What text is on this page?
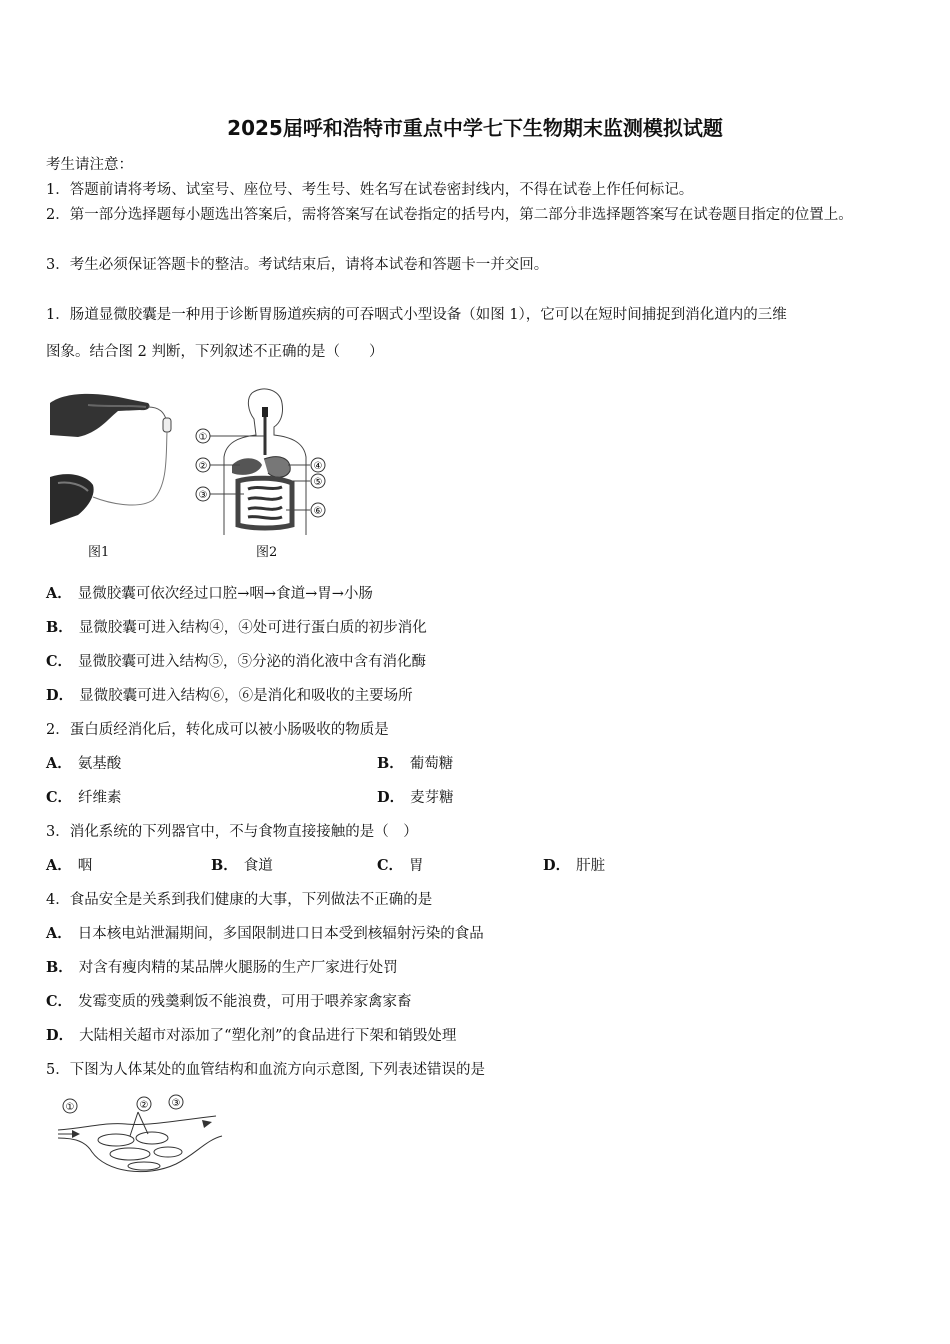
2025届呼和浩特市重点中学七下生物期末监测模拟试题
考生请注意：
1．答题前请将考场、试室号、座位号、考生号、姓名写在试卷密封线内，不得在试卷上作任何标记。
2．第一部分选择题每小题选出答案后，需将答案写在试卷指定的括号内，第二部分非选择题答案写在试卷题目指定的位置上。
3．考生必须保证答题卡的整洁。考试结束后，请将本试卷和答题卡一并交回。
1．肠道显微胶囊是一种用于诊断胃肠道疾病的可吞咽式小型设备（如图 1），它可以在短时间捕捉到消化道内的三维
图象。结合图 2 判断，下列叙述不正确的是（　　）
图1
①
②
③
④
⑤
⑥
图2
A． 显微胶囊可依次经过口腔→咽→食道→胃→小肠
B． 显微胶囊可进入结构④，④处可进行蛋白质的初步消化
C． 显微胶囊可进入结构⑤，⑤分泌的消化液中含有消化酶
D． 显微胶囊可进入结构⑥，⑥是消化和吸收的主要场所
2．蛋白质经消化后，转化成可以被小肠吸收的物质是
A． 氨基酸	B． 葡萄糖
C． 纤维素	D． 麦芽糖
3．消化系统的下列器官中，不与食物直接接触的是（　）
A． 咽	B． 食道	C． 胃	D． 肝脏
4．食品安全是关系到我们健康的大事，下列做法不正确的是
A． 日本核电站泄漏期间，多国限制进口日本受到核辐射污染的食品
B． 对含有瘦肉精的某品牌火腿肠的生产厂家进行处罚
C． 发霉变质的残羹剩饭不能浪费，可用于喂养家禽家畜
D． 大陆相关超市对添加了“塑化剂”的食品进行下架和销毁处理
5．下图为人体某处的血管结构和血流方向示意图, 下列表述错误的是
①	② ③
